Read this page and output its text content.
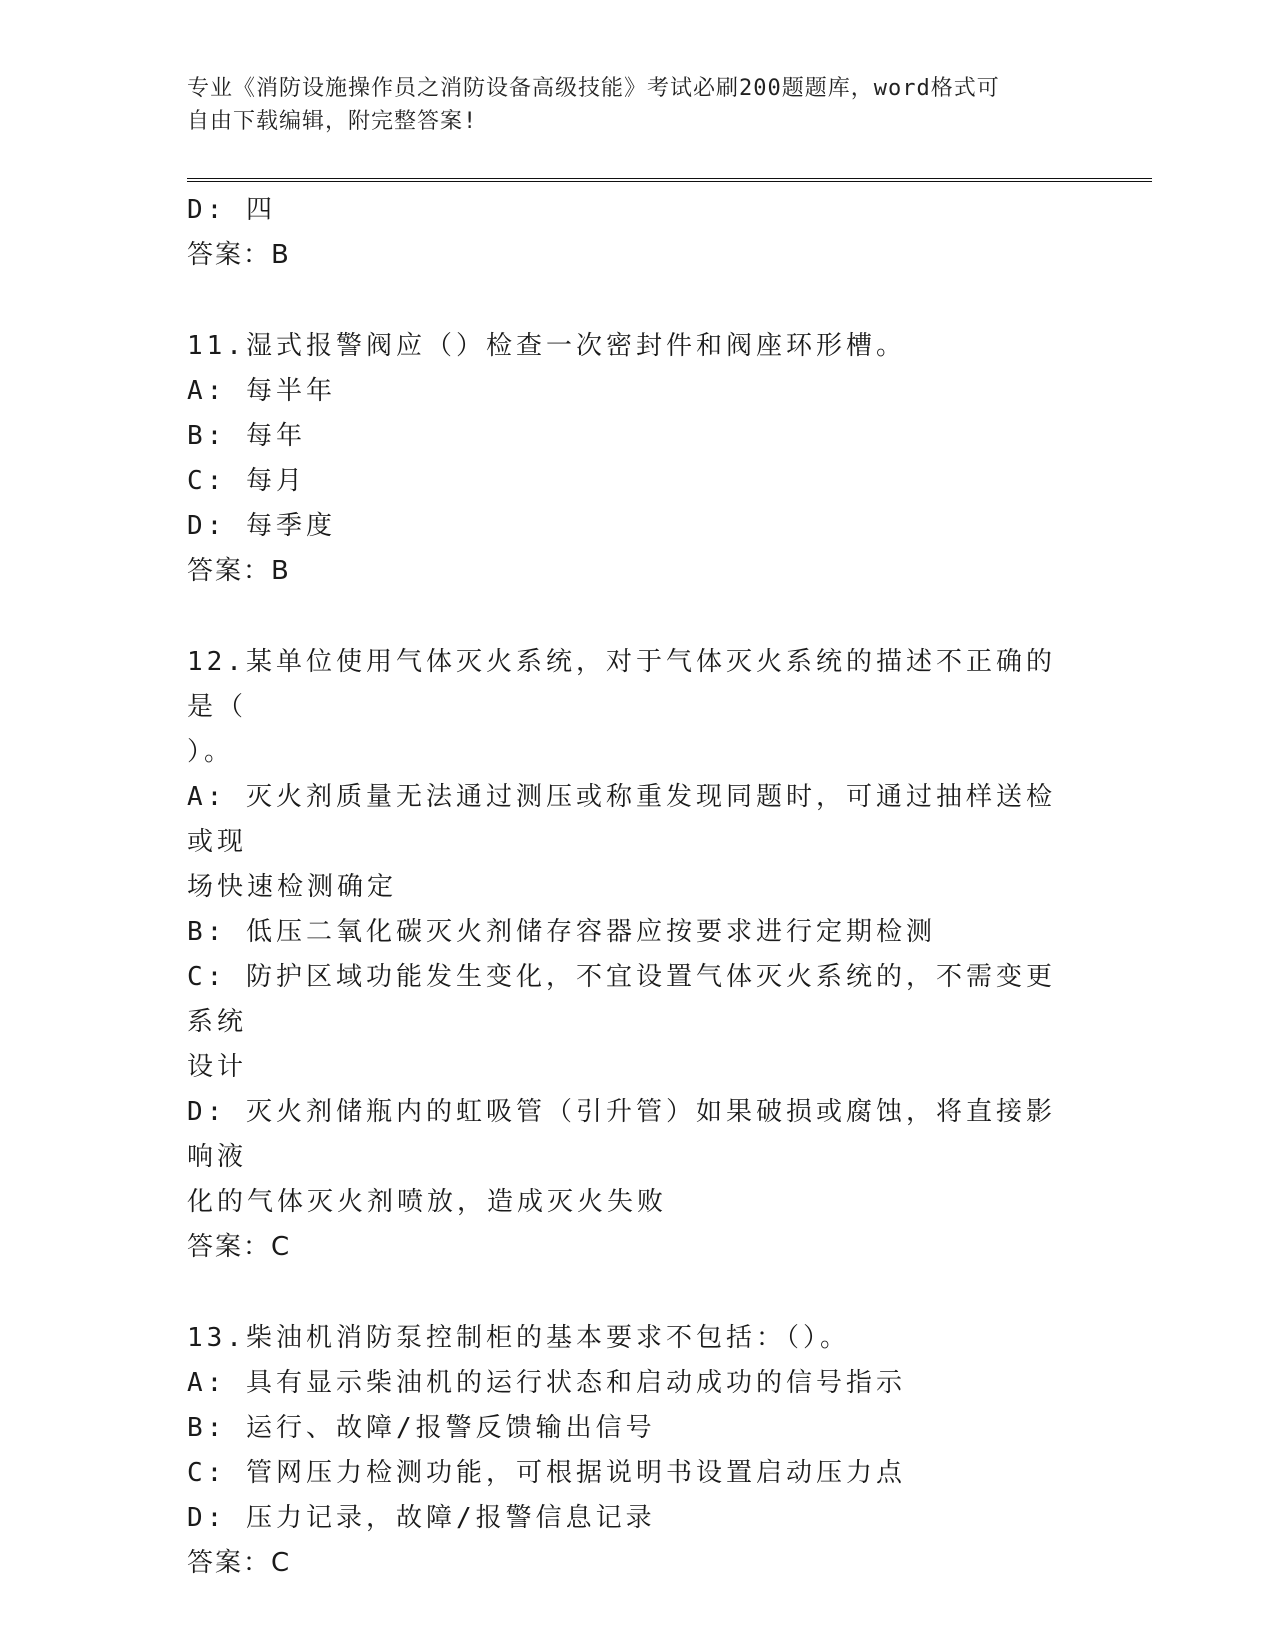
专业《消防设施操作员之消防设备高级技能》考试必刷200题题库，word格式可
自由下载编辑，附完整答案!

D: 四

答案：B

11.湿式报警阀应（）检查一次密封件和阀座环形槽。

A: 每半年

B: 每年

C: 每月

D: 每季度

答案：B

12.某单位使用气体灭火系统，对于气体灭火系统的描述不正确的是（

）。

A: 灭火剂质量无法通过测压或称重发现同题时，可通过抽样送检或现

场快速检测确定

B: 低压二氧化碳灭火剂储存容器应按要求进行定期检测

C: 防护区域功能发生变化，不宜设置气体灭火系统的，不需变更系统

设计

D: 灭火剂储瓶内的虹吸管（引升管）如果破损或腐蚀，将直接影响液

化的气体灭火剂喷放，造成灭火失败

答案：C

13.柴油机消防泵控制柜的基本要求不包括：（）。

A: 具有显示柴油机的运行状态和启动成功的信号指示

B: 运行、故障/报警反馈输出信号

C: 管网压力检测功能，可根据说明书设置启动压力点

D: 压力记录，故障/报警信息记录

答案：C
